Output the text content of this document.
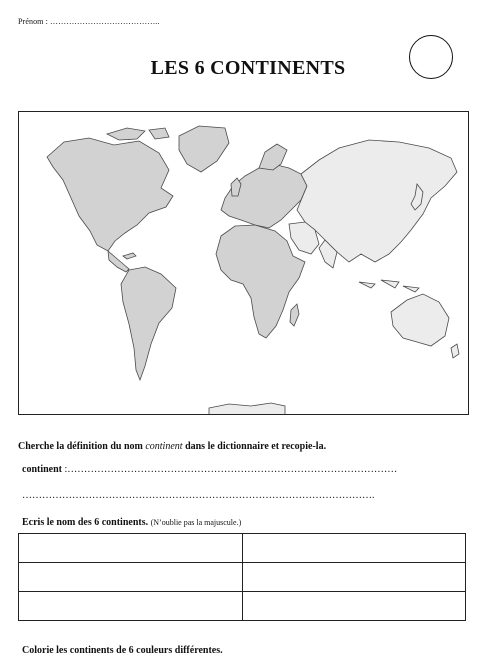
Prénom : …………………………………..
LES 6 CONTINENTS
Cherche la définition du nom continent dans le dictionnaire et recopie-la.
continent :………………………………………………………………………………………
…………………………………………………………………………………………….
Ecris le nom des 6 continents. (N’oublie pas la majuscule.)

Colorie les continents de 6 couleurs différentes.
